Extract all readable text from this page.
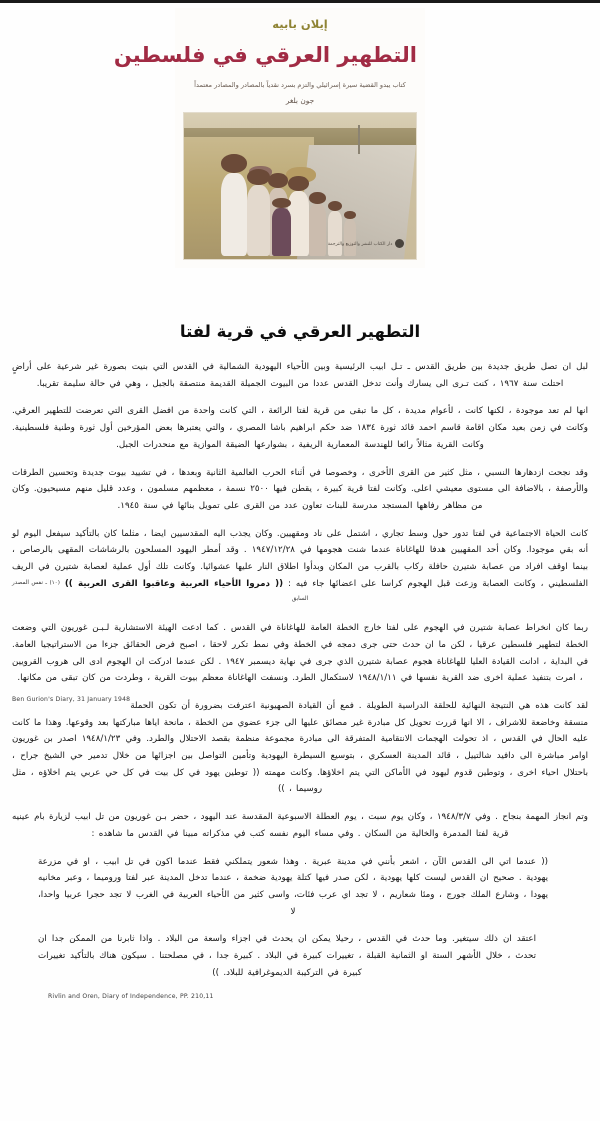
إيلان بابيه
التطهير العرقي في فلسطين
كتاب يبدو القضية سيرة إسرائيلي والتزم بسرد نقدياً بالمصادر والمصادر معتمداً
جون بلغر
دار الكتاب للنشر والتوزيع والترجمة
التطهير العرقي في قرية لفتا

لبل ان تصل طريق جديدة بين طريق القدس ـ تـل ابيب الرئيسية وبين الأحياء اليهودية الشمالية في القدس التي بنيت بصورة غير شرعية على أراضٍ احتلت سنة ١٩٦٧ ، كنت تـرى الى يسارك وأنت تدخل القدس عددا من البيوت الجميلة القديمة منتصقة بالجبل ، وهي في حالة سليمة تقريبا.

انها لم تعد موجودة ، لكنها كانت ، لأعوام مديدة ، كل ما تبقى من قرية لفتا الرائعة ، التي كانت واحدة من افضل القرى التي تعرضت للتطهير العرقي. وكانت في زمن بعيد مكان اقامة قاسم احمد قائد ثورة ١٨٣٤ ضد حكم ابراهيم باشا المصري ، والتي يعتبرها بعض المؤرخين أول ثورة وطنية فلسطينية. وكانت القرية مثالاً رائعا للهندسة المعمارية الريفية ، بشوارعها الضيقة الموازية مع منحدرات الجبل.

وقد نجحت ازدهارها النسبي ، مثل كثير من القرى الأخرى ، وخصوصا في أثناء الحرب العالمية الثانية وبعدها ، في تشييد بيوت جديدة وتحسين الطرقات والأرصفة ، بالاضافة الى مستوى معيشي اعلى. وكانت لفتا قرية كبيرة ، يقطن فيها ٢٥٠٠ نسمة ، معظمهم مسلمون ، وعدد قليل منهم مسيحيون. وكان من مظاهر رفاهها المستجد مدرسة للبنات تعاون عدد من القرى على تمويل بنائها في سنة ١٩٤٥.

كانت الحياة الاجتماعية في لفتا تدور حول وسط تجاري ، اشتمل على ناد ومقهيين. وكان يجذب اليه المقدسيين ايضا ، مثلما كان بالتأكيد سيفعل اليوم لو أنه بقي موجودا. وكان أحد المقهيين هدفا للهاغاناة عندما شنت هجومها في ١٩٤٧/١٢/٢٨ . وقد أمطر اليهود المسلحون بالرشاشات المقهى بالرصاص ، بينما اوقف افراد من عصابة شتيرن حافلة ركاب بالقرب من المكان وبدأوا اطلاق النار عليها عشوائيا. وكانت تلك أول عملية لعصابة شتيرن في الريف الفلسطيني ، وكانت العصابة وزعت قبل الهجوم كراسا على اعضائها جاء فيه : (( دمروا الأحياء العربية وعاقبوا القرى العربية )) $^{(١٠) ـ نفس المصدر السابق}$

ربما كان انخراط عصابة شتيرن في الهجوم على لفتا خارج الخطة العامة للهاغاناة في القدس . كما ادعت الهيئة الاستشارية لـبـن غوريون التي وضعت الخطة لتطهير فلسطين عرقيا ، لكن ما ان حدث حتى جرى دمجه في الخطة وفي نمط تكرر لاحقا ، اصبح فرض الحقائق جزءا من الاستراتيجيا العامة. في البداية ، ادانت القيادة العليا للهاغاناة هجوم عصابة شتيرن الذي جرى في نهاية ديسمبر ١٩٤٧ . لكن عندما ادركت ان الهجوم ادى الى هروب القرويين ، امرت بتنفيذ عملية اخرى ضد القرية نفسها في ١٩٤٨/١/١١ لاستكمال الطرد. ونسفت الهاغاناة معظم بيوت القرية ، وطردت من كان تبقى من مكانها.

Ben Gurion's Diary, 31 January 1948
لقد كانت هذه هي النتيجة النهائية للحلقة الدراسية الطويلة . فمع أن القيادة الصهيونية اعترفت بضرورة أن تكون الحملة منسقة وخاضعة للاشراف ، الا انها قررت تحويل كل مبادرة غير مصائق عليها الى جزء عضوي من الخطة ، مانحة اياها مباركتها بعد وقوعها. وهذا ما كانت عليه الحال في القدس ، اذ تحولت الهجمات الانتقامية المتفرقة الى مبادرة مجموعة منظمة بقصد الاحتلال والطرد. وفي ١٩٤٨/١/٢٣ اصدر بن غوريون اوامر مباشرة الى دافيد شالتييل ، قائد المدينة العسكري ، بتوسيع السيطرة اليهودية وتأمين التواصل بين اجزائها من خلال تدمير حي الشيخ جراح ، باحتلال احياء اخرى ، وتوطين قدوم ليهود في الأماكن التي يتم اخلاؤها. وكانت مهمته (( توطين يهود في كل بيت في كل حي عربي يتم اخلاؤه ، مثل روسيما ، ))

وتم انجاز المهمة بنجاح . وفي ١٩٤٨/٣/٧ ، وكان يوم سبت ، يوم العطلة الاسبوعية المقدسة عند اليهود ، حضر بـن غوريون من تل ابيب لزيارة بام عينيه قرية لفتا المدمرة والخالية من السكان . وفي مساء اليوم نفسه كتب في مذكراته مبينا في القدس ما شاهده :

(( عندما اتي الى القدس الآن ، اشعر بأنني في مدينة عبرية . وهذا شعور يتملكني فقط عندما اكون في تل ابيب ، او في مزرعة يهودية . صحيح ان القدس ليست كلها يهودية ، لكن صدر فيها كتلة يهودية ضخمة ، عندما تدخل المدينة عبر لفتا وروميما ، وعبر مخانيه يهودا ، وشارع الملك جورج ، ومئا شعاريم ، لا تجد اي عرب فئات، واسى كثير من الأحياء العربية في الغرب لا تجد حجرا عربيا واحدا، لا

اعتقد ان ذلك سيتغير. وما حدث في القدس ، رحيلا يمكن ان يحدث في اجزاء واسعة من البلاد . واذا ثابرنا من الممكن جدا ان تحدث ، خلال الأشهر الستة او الثمانية القبلة ، تغييرات كبيرة في البلاد . كبيرة جدا ، في مصلحتنا . سيكون هناك بالتأكيد تغييرات كبيرة في التركيبة الديموغرافية للبلاد. ))

Rivlin and Oren, Diary of Independence, PP. 210,11
